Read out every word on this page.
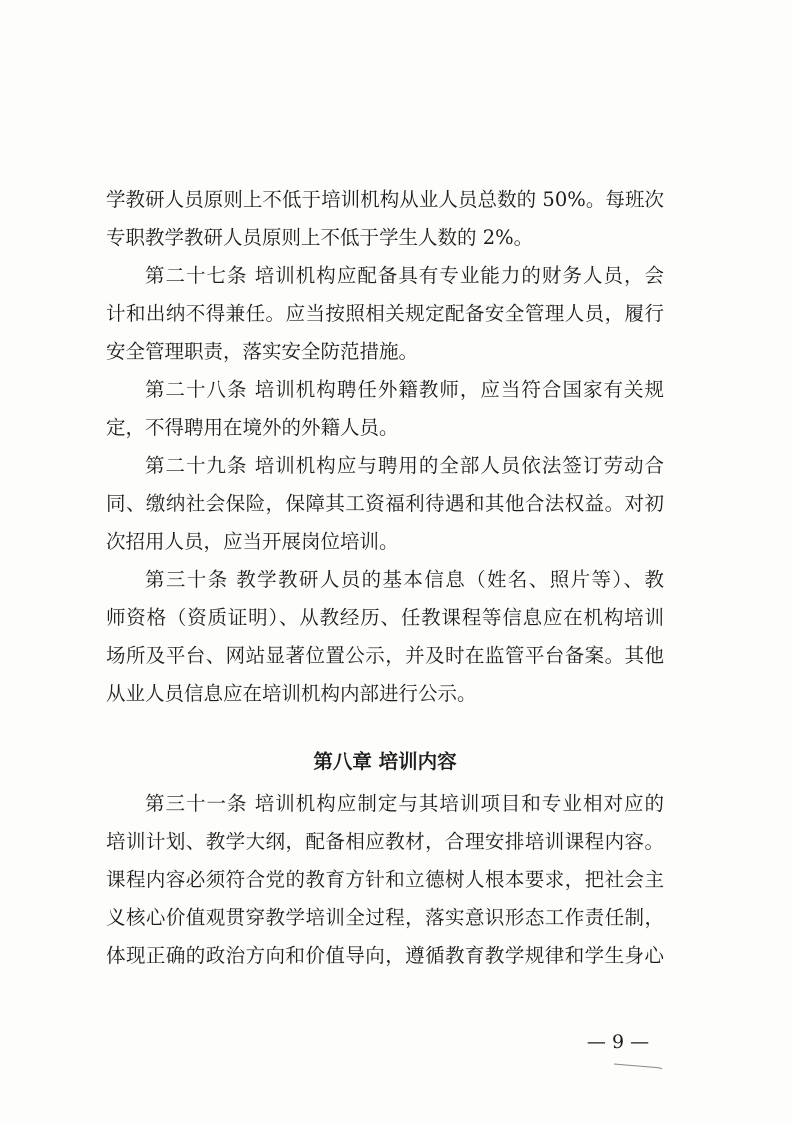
学教研人员原则上不低于培训机构从业人员总数的 50%。每班次
专职教学教研人员原则上不低于学生人数的 2%。
第二十七条 培训机构应配备具有专业能力的财务人员，会
计和出纳不得兼任。应当按照相关规定配备安全管理人员，履行
安全管理职责，落实安全防范措施。
第二十八条 培训机构聘任外籍教师，应当符合国家有关规
定，不得聘用在境外的外籍人员。
第二十九条 培训机构应与聘用的全部人员依法签订劳动合
同、缴纳社会保险，保障其工资福利待遇和其他合法权益。对初
次招用人员，应当开展岗位培训。
第三十条 教学教研人员的基本信息（姓名、照片等）、教
师资格（资质证明）、从教经历、任教课程等信息应在机构培训
场所及平台、网站显著位置公示，并及时在监管平台备案。其他
从业人员信息应在培训机构内部进行公示。
第八章 培训内容
第三十一条 培训机构应制定与其培训项目和专业相对应的
培训计划、教学大纲，配备相应教材，合理安排培训课程内容。
课程内容必须符合党的教育方针和立德树人根本要求，把社会主
义核心价值观贯穿教学培训全过程，落实意识形态工作责任制，
体现正确的政治方向和价值导向，遵循教育教学规律和学生身心
— 9 —
